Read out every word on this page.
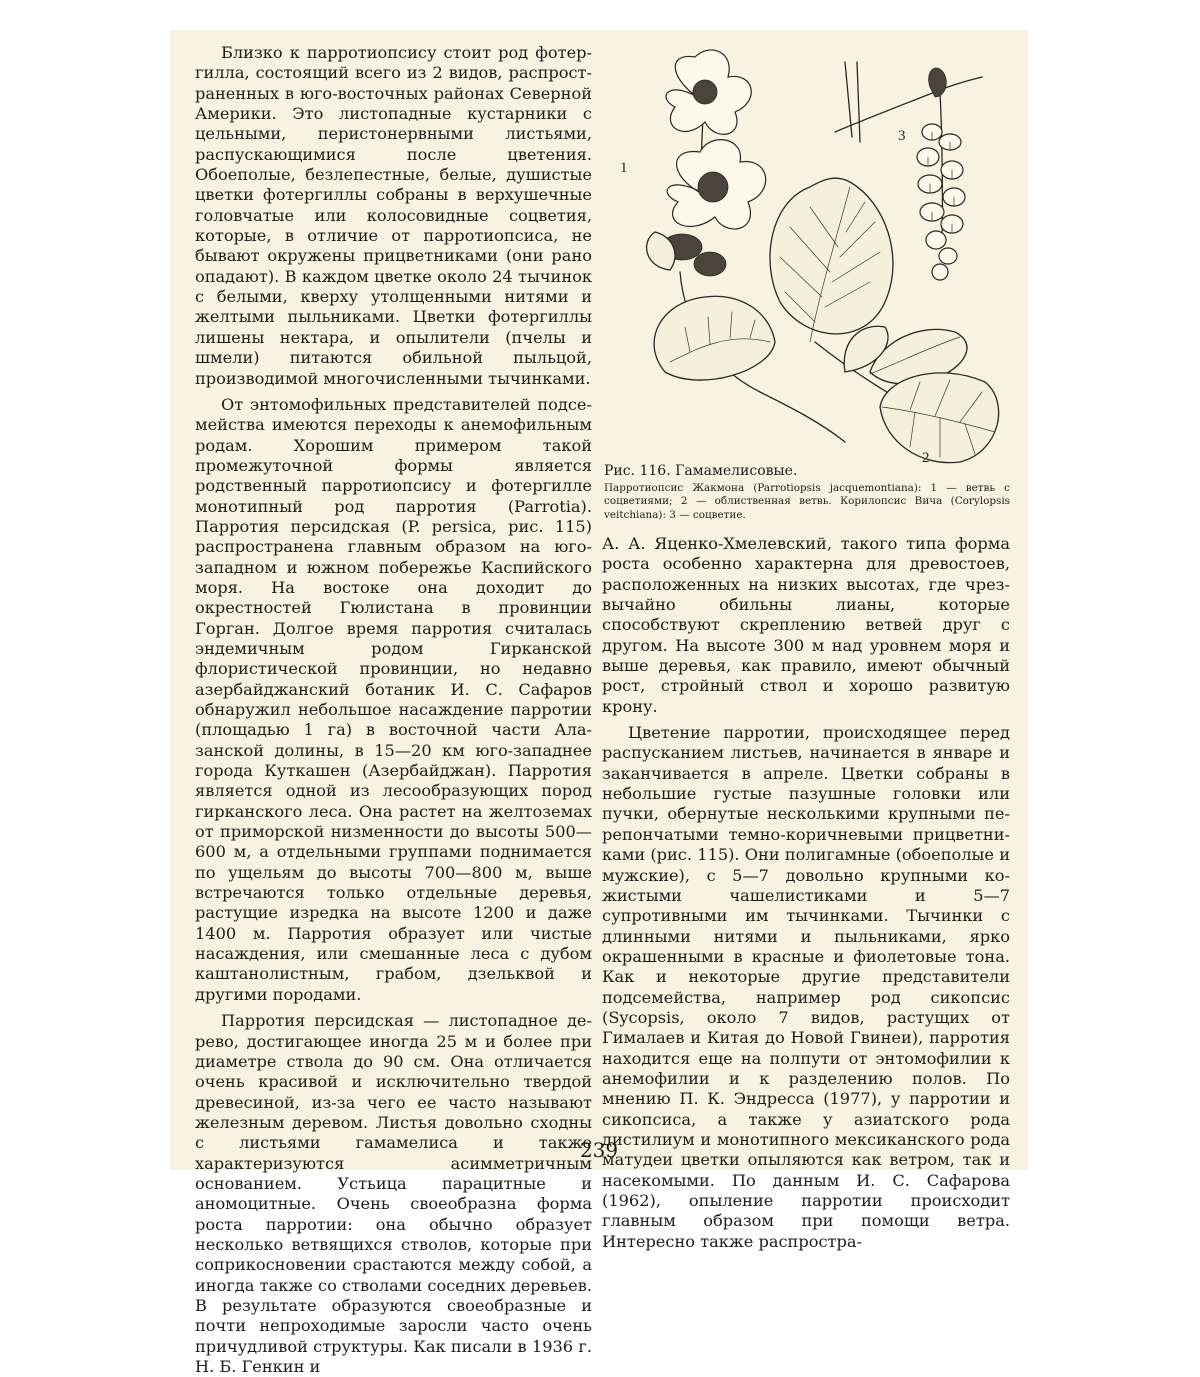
Близко к парротиопсису стоит род фотергилла, состоящий всего из 2 видов, распространенных в юго-восточных районах Северной Америки. Это листопадные кустарники с цельными, перистонервными листьями, распускающимися после цветения. Обоеполые, безлепестные, белые, душистые цветки фотергиллы собраны в верхушечные головчатые или колосовидные соцветия, которые, в отличие от парротиопсиса, не бывают окружены прицветниками (они рано опадают). В каждом цветке около 24 тычинок с белыми, кверху утолщенными нитями и желтыми пыльниками. Цветки фотергиллы лишены нектара, и опылители (пчелы и шмели) питаются обильной пыльцой, производимой многочисленными тычинками.

От энтомофильных представителей подсемейства имеются переходы к анемофильным родам. Хорошим примером такой промежуточной формы является родственный парротиопсису и фотергилле монотипный род парротия (Parrotia). Парротия персидская (P. persica, рис. 115) распространена главным образом на юго-западном и южном побережье Каспийского моря. На востоке она доходит до окрестностей Гюлистана в провинции Горган. Долгое время парротия считалась эндемичным родом Гирканской флористической провинции, но недавно азербайджанский ботаник И. С. Сафаров обнаружил небольшое насаждение парротии (площадью 1 га) в восточной части Алазанской долины, в 15—20 км юго-западнее города Куткашен (Азербайджан). Парротия является одной из лесообразующих пород гирканского леса. Она растет на желтоземах от приморской низменности до высоты 500—600 м, а отдельными группами поднимается по ущельям до высоты 700—800 м, выше встречаются только отдельные деревья, растущие изредка на высоте 1200 и даже 1400 м. Парротия образует или чистые насаждения, или смешанные леса с дубом каштанолистным, грабом, дзельквой и другими породами.

Парротия персидская — листопадное дерево, достигающее иногда 25 м и более при диаметре ствола до 90 см. Она отличается очень красивой и исключительно твердой древесиной, из-за чего ее часто называют железным деревом. Листья довольно сходны с листьями гамамелиса и также характеризуются асимметричным основанием. Устьица парацитные и аномоцитные. Очень своеобразна форма роста парротии: она обычно образует несколько ветвящихся стволов, которые при соприкосновении срастаются между собой, а иногда также со стволами соседних деревьев. В результате образуются своеобразные и почти непроходимые заросли часто очень причудливой структуры. Как писали в 1936 г. Н. Б. Генкин и

1
2
3
Рис. 116. Гамамелисовые.
Парротиопсис Жакмона (Parrotiopsis jacquemontiana): 1 — ветвь с соцветиями; 2 — облиственная ветвь. Корилопсис Вича (Corylopsis veitchiana): 3 — соцветие.

А. А. Яценко-Хмелевский, такого типа форма роста особенно характерна для древостоев, расположенных на низких высотах, где чрезвычайно обильны лианы, которые способствуют скреплению ветвей друг с другом. На высоте 300 м над уровнем моря и выше деревья, как правило, имеют обычный рост, стройный ствол и хорошо развитую крону.

Цветение парротии, происходящее перед распусканием листьев, начинается в январе и заканчивается в апреле. Цветки собраны в небольшие густые пазушные головки или пучки, обернутые несколькими крупными перепончатыми темно-коричневыми прицветниками (рис. 115). Они полигамные (обоеполые и мужские), с 5—7 довольно крупными кожистыми чашелистиками и 5—7 супротивными им тычинками. Тычинки с длинными нитями и пыльниками, ярко окрашенными в красные и фиолетовые тона. Как и некоторые другие представители подсемейства, например род сикопсис (Sycopsis, около 7 видов, растущих от Гималаев и Китая до Новой Гвинеи), парротия находится еще на полпути от энтомофилии к анемофилии и к разделению полов. По мнению П. К. Эндресса (1977), у парротии и сикопсиса, а также у азиатского рода дистилиум и монотипного мексиканского рода матудеи цветки опыляются как ветром, так и насекомыми. По данным И. С. Сафарова (1962), опыление парротии происходит главным образом при помощи ветра. Интересно также распростра-

239
